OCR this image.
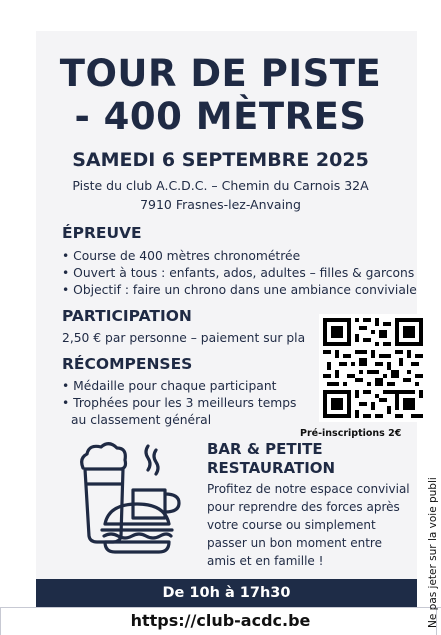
TOUR DE PISTE
- 400 MÈTRES

SAMEDI 6 SEPTEMBRE 2025

Piste du club A.C.D.C. – Chemin du Carnois 32A

7910 Frasnes-lez-Anvaing

ÉPREUVE
• Course de 400 mètres chronométrée
• Ouvert à tous : enfants, ados, adultes – filles & garcons
• Objectif : faire un chrono dans une ambiance conviviale
PARTICIPATION

2,50 € par personne – paiement sur pla

RÉCOMPENSES
• Médaille pour chaque participant
• Trophées pour les 3 meilleurs temps

au classement général

Pré-inscriptions 2€

BAR & PETITE

RESTAURATION

Profitez de notre espace convivial pour reprendre des forces après votre course ou simplement passer un bon moment entre amis et en famille !

De 10h à 17h30
https://club-acdc.be	Ne pas jeter sur la voie publi
